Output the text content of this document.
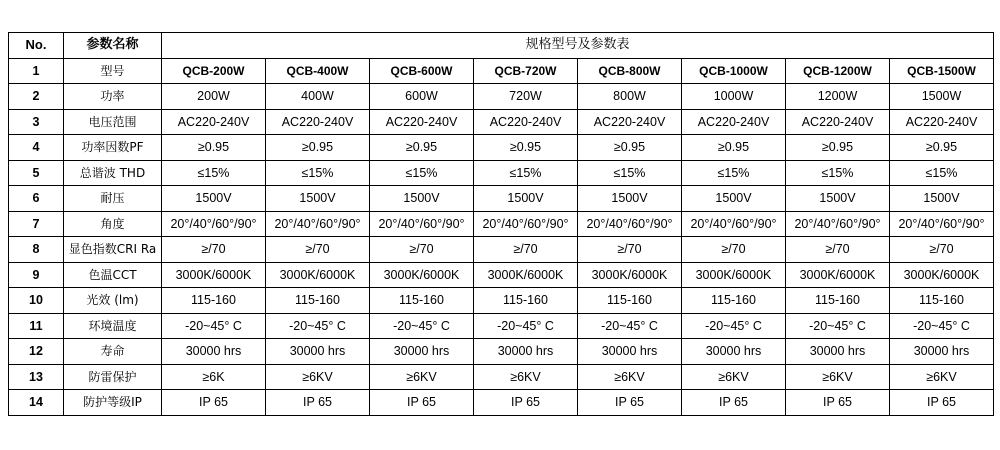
No.	参数名称	规格型号及参数表							
1	型号	QCB-200W	QCB-400W	QCB-600W	QCB-720W	QCB-800W	QCB-1000W	QCB-1200W	QCB-1500W
2	功率	200W	400W	600W	720W	800W	1000W	1200W	1500W
3	电压范围	AC220-240V	AC220-240V	AC220-240V	AC220-240V	AC220-240V	AC220-240V	AC220-240V	AC220-240V
4	功率因数PF	≥0.95	≥0.95	≥0.95	≥0.95	≥0.95	≥0.95	≥0.95	≥0.95
5	总谐波 THD	≤15%	≤15%	≤15%	≤15%	≤15%	≤15%	≤15%	≤15%
6	耐压	1500V	1500V	1500V	1500V	1500V	1500V	1500V	1500V
7	角度	20°/40°/60°/90°	20°/40°/60°/90°	20°/40°/60°/90°	20°/40°/60°/90°	20°/40°/60°/90°	20°/40°/60°/90°	20°/40°/60°/90°	20°/40°/60°/90°
8	显色指数CRI Ra	≥/70	≥/70	≥/70	≥/70	≥/70	≥/70	≥/70	≥/70
9	色温CCT	3000K/6000K	3000K/6000K	3000K/6000K	3000K/6000K	3000K/6000K	3000K/6000K	3000K/6000K	3000K/6000K
10	光效 (lm)	115-160	115-160	115-160	115-160	115-160	115-160	115-160	115-160
11	环境温度	-20~45° C	-20~45° C	-20~45° C	-20~45° C	-20~45° C	-20~45° C	-20~45° C	-20~45° C
12	寿命	30000 hrs	30000 hrs	30000 hrs	30000 hrs	30000 hrs	30000 hrs	30000 hrs	30000 hrs
13	防雷保护	≥6K	≥6KV	≥6KV	≥6KV	≥6KV	≥6KV	≥6KV	≥6KV
14	防护等级IP	IP 65	IP 65	IP 65	IP 65	IP 65	IP 65	IP 65	IP 65
